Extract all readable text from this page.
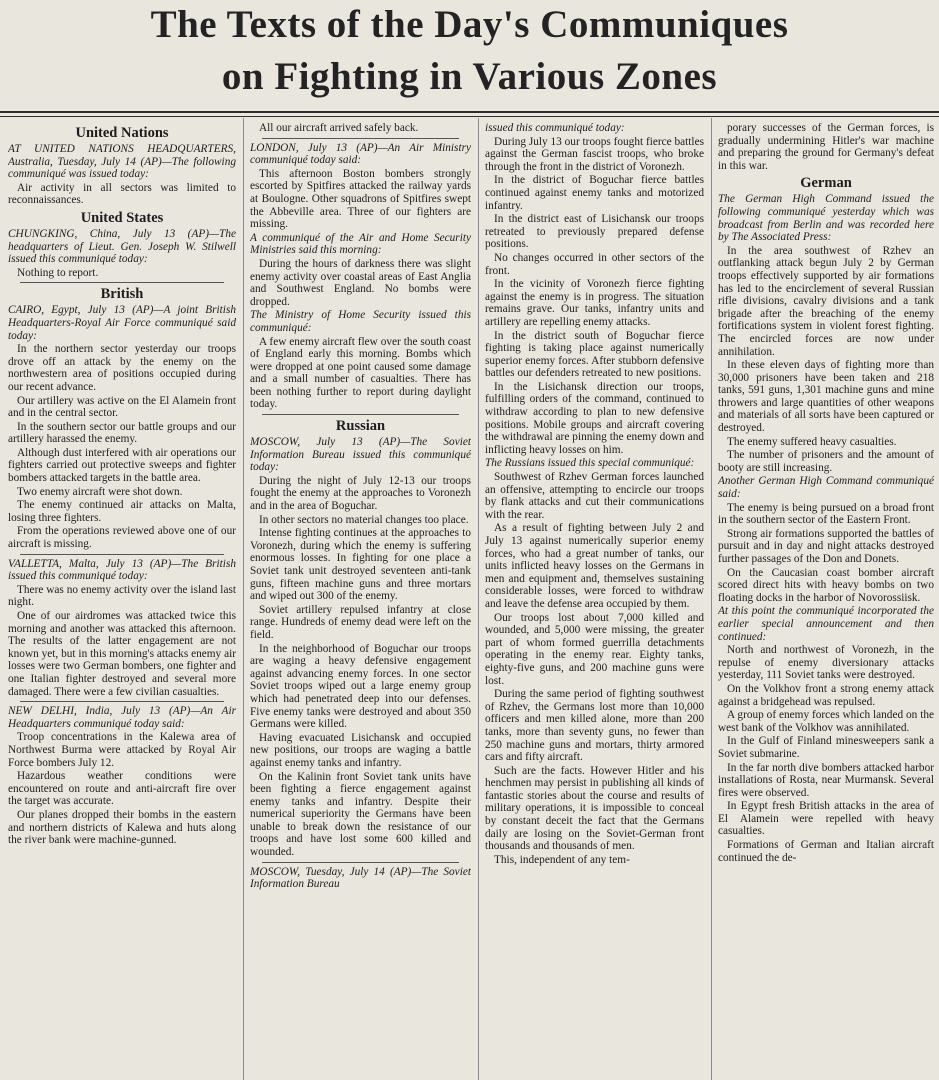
The Texts of the Day's Communiques
on Fighting in Various Zones
United Nations

AT UNITED NATIONS HEADQUARTERS, Australia, Tuesday, July 14 (AP)—The following communiqué was issued today:

Air activity in all sectors was limited to reconnaissances.

United States

CHUNGKING, China, July 13 (AP)—The headquarters of Lieut. Gen. Joseph W. Stilwell issued this communiqué today:

Nothing to report.

British

CAIRO, Egypt, July 13 (AP)—A joint British Headquarters-Royal Air Force communiqué said today:

In the northern sector yesterday our troops drove off an attack by the enemy on the northwestern area of positions occupied during our recent advance.

Our artillery was active on the El Alamein front and in the central sector.

In the southern sector our battle groups and our artillery harassed the enemy.

Although dust interfered with air operations our fighters carried out protective sweeps and fighter bombers attacked targets in the battle area.

Two enemy aircraft were shot down.

The enemy continued air attacks on Malta, losing three fighters.

From the operations reviewed above one of our aircraft is missing.

VALLETTA, Malta, July 13 (AP)—The British issued this communiqué today:

There was no enemy activity over the island last night.

One of our airdromes was attacked twice this morning and another was attacked this afternoon. The results of the latter engagement are not known yet, but in this morning's attacks enemy air losses were two German bombers, one fighter and one Italian fighter destroyed and several more damaged. There were a few civilian casualties.

NEW DELHI, India, July 13 (AP)—An Air Headquarters communiqué today said:

Troop concentrations in the Kalewa area of Northwest Burma were attacked by Royal Air Force bombers July 12.

Hazardous weather conditions were encountered on route and anti-aircraft fire over the target was accurate.

Our planes dropped their bombs in the eastern and northern districts of Kalewa and huts along the river bank were machine-gunned.

All our aircraft arrived safely back.

LONDON, July 13 (AP)—An Air Ministry communiqué today said:

This afternoon Boston bombers strongly escorted by Spitfires attacked the railway yards at Boulogne. Other squadrons of Spitfires swept the Abbeville area. Three of our fighters are missing.

A communiqué of the Air and Home Security Ministries said this morning:

During the hours of darkness there was slight enemy activity over coastal areas of East Anglia and Southwest England. No bombs were dropped.

The Ministry of Home Security issued this communiqué:

A few enemy aircraft flew over the south coast of England early this morning. Bombs which were dropped at one point caused some damage and a small number of casualties. There has been nothing further to report during daylight today.

Russian

MOSCOW, July 13 (AP)—The Soviet Information Bureau issued this communiqué today:

During the night of July 12-13 our troops fought the enemy at the approaches to Voronezh and in the area of Boguchar.

In other sectors no material changes too place.

Intense fighting continues at the approaches to Voronezh, during which the enemy is suffering enormous losses. In fighting for one place a Soviet tank unit destroyed seventeen anti-tank guns, fifteen machine guns and three mortars and wiped out 300 of the enemy.

Soviet artillery repulsed infantry at close range. Hundreds of enemy dead were left on the field.

In the neighborhood of Boguchar our troops are waging a heavy defensive engagement against advancing enemy forces. In one sector Soviet troops wiped out a large enemy group which had penetrated deep into our defenses. Five enemy tanks were destroyed and about 350 Germans were killed.

Having evacuated Lisichansk and occupied new positions, our troops are waging a battle against enemy tanks and infantry.

On the Kalinin front Soviet tank units have been fighting a fierce engagement against enemy tanks and infantry. Despite their numerical superiority the Germans have been unable to break down the resistance of our troops and have lost some 600 killed and wounded.

MOSCOW, Tuesday, July 14 (AP)—The Soviet Information Bureau

issued this communiqué today:

During July 13 our troops fought fierce battles against the German fascist troops, who broke through the front in the district of Voronezh.

In the district of Boguchar fierce battles continued against enemy tanks and motorized infantry.

In the district east of Lisichansk our troops retreated to previously prepared defense positions.

No changes occurred in other sectors of the front.

In the vicinity of Voronezh fierce fighting against the enemy is in progress. The situation remains grave. Our tanks, infantry units and artillery are repelling enemy attacks.

In the district south of Boguchar fierce fighting is taking place against numerically superior enemy forces. After stubborn defensive battles our defenders retreated to new positions.

In the Lisichansk direction our troops, fulfilling orders of the command, continued to withdraw according to plan to new defensive positions. Mobile groups and aircraft covering the withdrawal are pinning the enemy down and inflicting heavy losses on him.

The Russians issued this special communiqué:

Southwest of Rzhev German forces launched an offensive, attempting to encircle our troops by flank attacks and cut their communications with the rear.

As a result of fighting between July 2 and July 13 against numerically superior enemy forces, who had a great number of tanks, our units inflicted heavy losses on the Germans in men and equipment and, themselves sustaining considerable losses, were forced to withdraw and leave the defense area occupied by them.

Our troops lost about 7,000 killed and wounded, and 5,000 were missing, the greater part of whom formed guerrilla detachments operating in the enemy rear. Eighty tanks, eighty-five guns, and 200 machine guns were lost.

During the same period of fighting southwest of Rzhev, the Germans lost more than 10,000 officers and men killed alone, more than 200 tanks, more than seventy guns, no fewer than 250 machine guns and mortars, thirty armored cars and fifty aircraft.

Such are the facts. However Hitler and his henchmen may persist in publishing all kinds of fantastic stories about the course and results of military operations, it is impossible to conceal by constant deceit the fact that the Germans daily are losing on the Soviet-German front thousands and thousands of men.

This, independent of any tem-

porary successes of the German forces, is gradually undermining Hitler's war machine and preparing the ground for Germany's defeat in this war.

German

The German High Command issued the following communiqué yesterday which was broadcast from Berlin and was recorded here by The Associated Press:

In the area southwest of Rzhev an outflanking attack begun July 2 by German troops effectively supported by air formations has led to the encirclement of several Russian rifle divisions, cavalry divisions and a tank brigade after the breaching of the enemy fortifications system in violent forest fighting. The encircled forces are now under annihilation.

In these eleven days of fighting more than 30,000 prisoners have been taken and 218 tanks, 591 guns, 1,301 machine guns and mine throwers and large quantities of other weapons and materials of all sorts have been captured or destroyed.

The enemy suffered heavy casualties.

The number of prisoners and the amount of booty are still increasing.

Another German High Command communiqué said:

The enemy is being pursued on a broad front in the southern sector of the Eastern Front.

Strong air formations supported the battles of pursuit and in day and night attacks destroyed further passages of the Don and Donets.

On the Caucasian coast bomber aircraft scored direct hits with heavy bombs on two floating docks in the harbor of Novorossiisk.

At this point the communiqué incorporated the earlier special announcement and then continued:

North and northwest of Voronezh, in the repulse of enemy diversionary attacks yesterday, 111 Soviet tanks were destroyed.

On the Volkhov front a strong enemy attack against a bridgehead was repulsed.

A group of enemy forces which landed on the west bank of the Volkhov was annihilated.

In the Gulf of Finland minesweepers sank a Soviet submarine.

In the far north dive bombers attacked harbor installations of Rosta, near Murmansk. Several fires were observed.

In Egypt fresh British attacks in the area of El Alamein were repelled with heavy casualties.

Formations of German and Italian aircraft continued the de-
